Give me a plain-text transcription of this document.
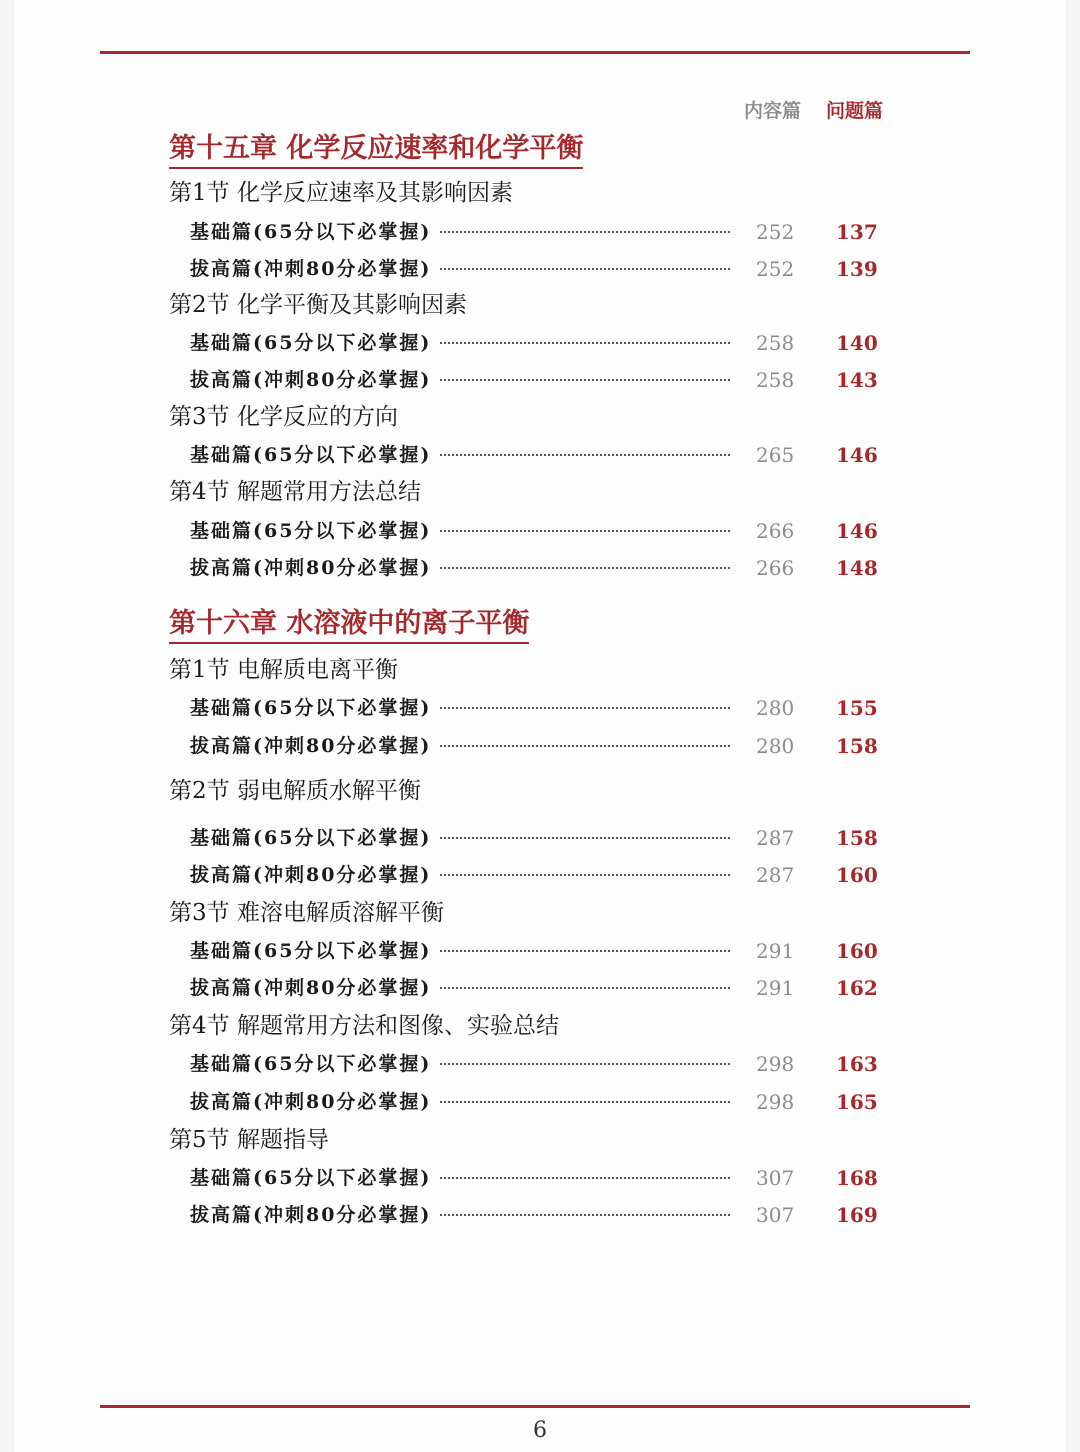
内容篇 问题篇
第十五章 化学反应速率和化学平衡
第1节 化学反应速率及其影响因素
基础篇(65分以下必掌握)	252 137
拔高篇(冲刺80分必掌握)	252 139
第2节 化学平衡及其影响因素
基础篇(65分以下必掌握)	258 140
拔高篇(冲刺80分必掌握)	258 143
第3节 化学反应的方向
基础篇(65分以下必掌握)	265 146
第4节 解题常用方法总结
基础篇(65分以下必掌握)	266 146
拔高篇(冲刺80分必掌握)	266 148
第十六章 水溶液中的离子平衡
第1节 电解质电离平衡
基础篇(65分以下必掌握)	280 155
拔高篇(冲刺80分必掌握)	280 158
第2节 弱电解质水解平衡
基础篇(65分以下必掌握)	287 158
拔高篇(冲刺80分必掌握)	287 160
第3节 难溶电解质溶解平衡
基础篇(65分以下必掌握)	291 160
拔高篇(冲刺80分必掌握)	291 162
第4节 解题常用方法和图像、实验总结
基础篇(65分以下必掌握)	298 163
拔高篇(冲刺80分必掌握)	298 165
第5节 解题指导
基础篇(65分以下必掌握)	307 168
拔高篇(冲刺80分必掌握)	307 169
6
